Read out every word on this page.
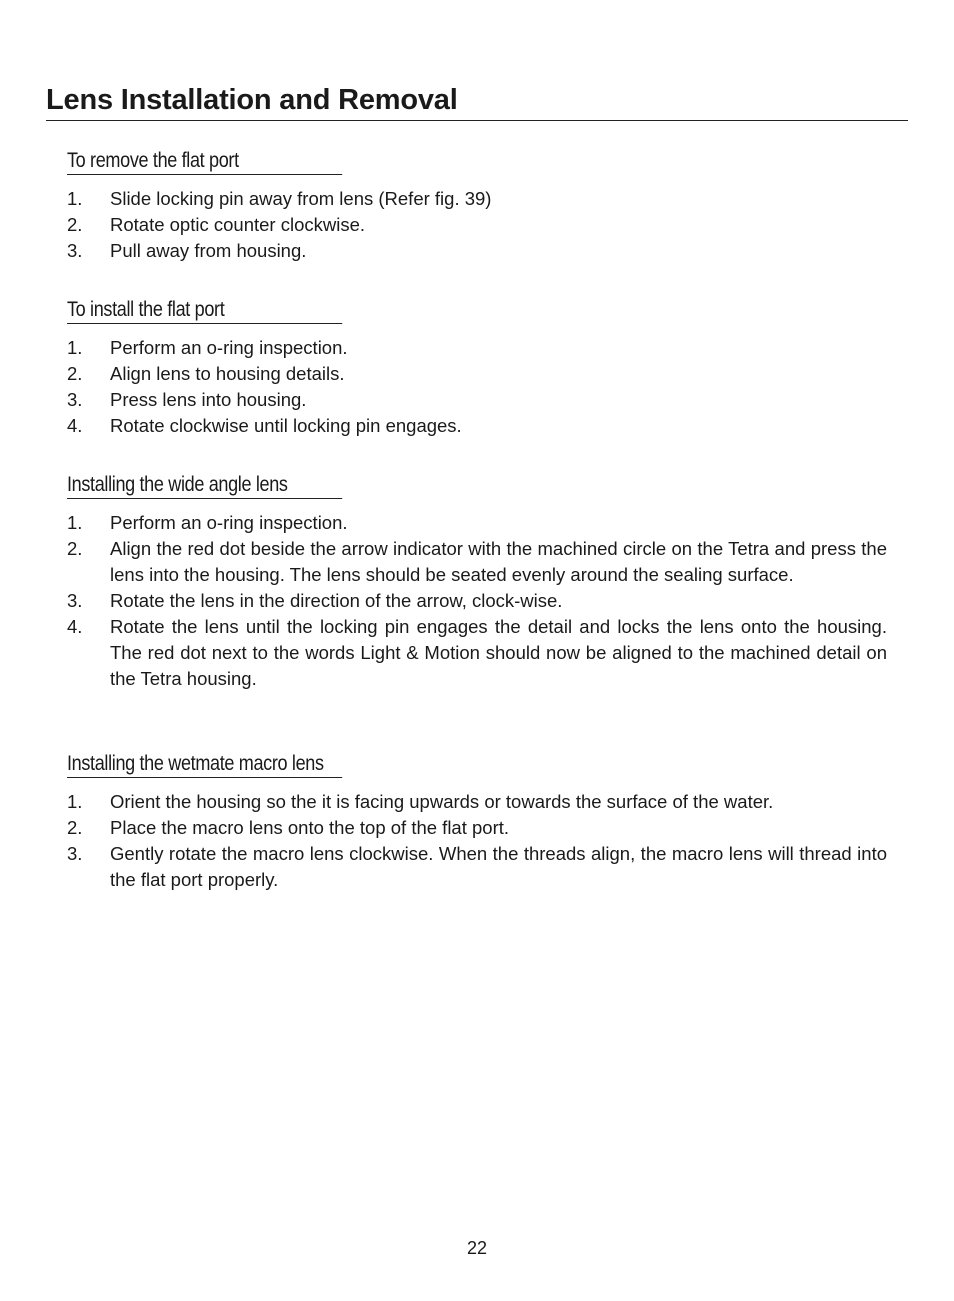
Lens Installation and Removal
To remove the flat port
1.	Slide locking pin away from lens (Refer fig. 39)
2.	Rotate optic counter clockwise.
3.	Pull away from housing.
To install the flat port
1.	Perform an o-ring inspection.
2.	Align lens to housing details.
3.	Press lens into housing.
4.	Rotate clockwise until locking pin engages.
Installing the wide angle lens
1.	Perform an o-ring inspection.
2.	Align the red dot beside the arrow indicator with the machined circle on the Tetra and press the lens into the housing. The lens should be seated evenly around the sealing surface.
3.	Rotate the lens in the direction of the arrow, clock-wise.
4.	Rotate the lens until the locking pin engages the detail and locks the lens onto the housing. The red dot next to the words Light & Motion should now be aligned to the machined detail on the Tetra housing.
Installing the wetmate macro lens
1.	Orient the housing so the it is facing upwards or towards the surface of the water.
2.	Place the macro lens onto the top of the flat port.
3.	Gently rotate the macro lens clockwise. When the threads align, the macro lens will thread into the flat port properly.
22
